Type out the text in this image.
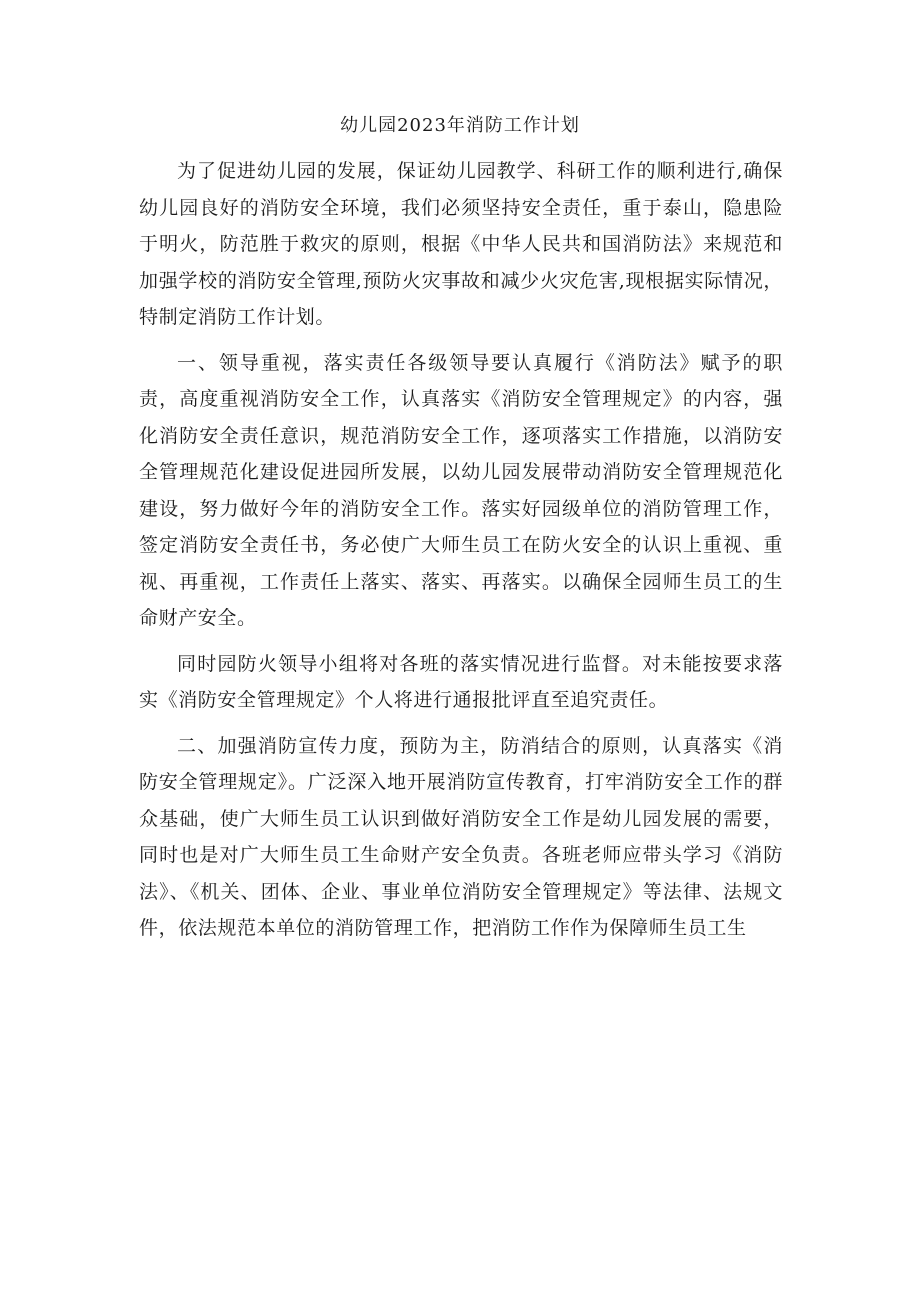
幼儿园2023年消防工作计划

为了促进幼儿园的发展，保证幼儿园教学、科研工作的顺利进行,确保幼儿园良好的消防安全环境，我们必须坚持安全责任，重于泰山，隐患险于明火，防范胜于救灾的原则，根据《中华人民共和国消防法》来规范和加强学校的消防安全管理,预防火灾事故和减少火灾危害,现根据实际情况，特制定消防工作计划。

一、领导重视，落实责任各级领导要认真履行《消防法》赋予的职责，高度重视消防安全工作，认真落实《消防安全管理规定》的内容，强化消防安全责任意识，规范消防安全工作，逐项落实工作措施，以消防安全管理规范化建设促进园所发展，以幼儿园发展带动消防安全管理规范化建设，努力做好今年的消防安全工作。落实好园级单位的消防管理工作，签定消防安全责任书，务必使广大师生员工在防火安全的认识上重视、重视、再重视，工作责任上落实、落实、再落实。以确保全园师生员工的生命财产安全。

同时园防火领导小组将对各班的落实情况进行监督。对未能按要求落实《消防安全管理规定》个人将进行通报批评直至追究责任。

二、加强消防宣传力度，预防为主，防消结合的原则，认真落实《消防安全管理规定》。广泛深入地开展消防宣传教育，打牢消防安全工作的群众基础，使广大师生员工认识到做好消防安全工作是幼儿园发展的需要，同时也是对广大师生员工生命财产安全负责。各班老师应带头学习《消防法》、《机关、团体、企业、事业单位消防安全管理规定》等法律、法规文件，依法规范本单位的消防管理工作，把消防工作作为保障师生员工生
